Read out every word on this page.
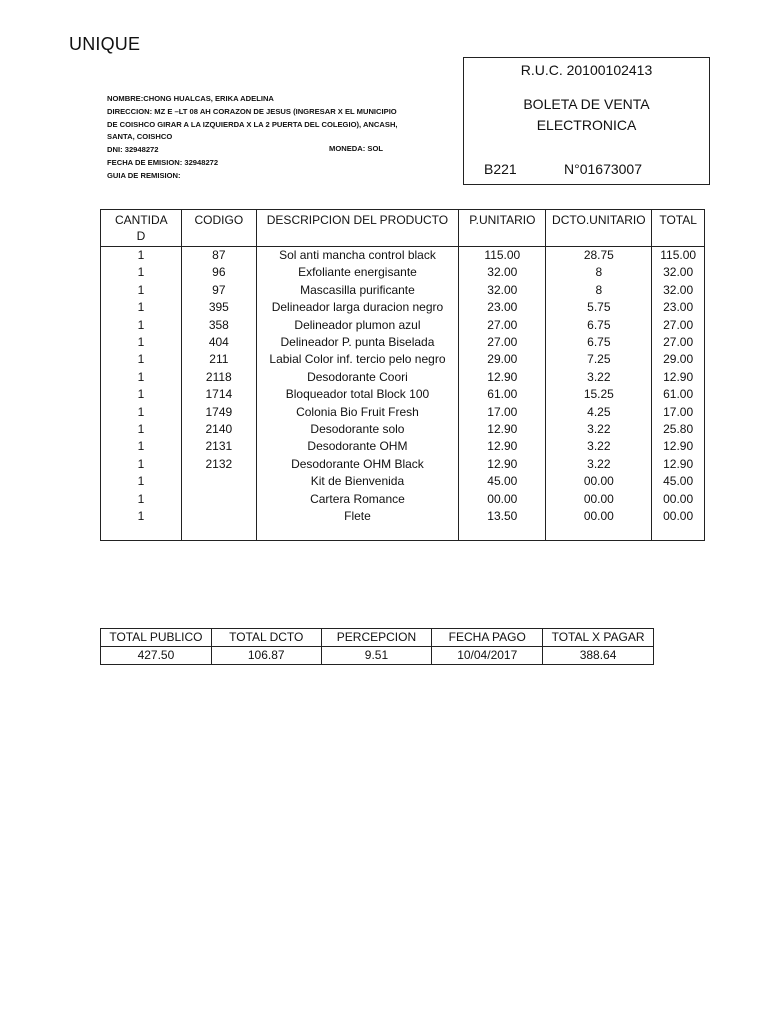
UNIQUE
NOMBRE:CHONG HUALCAS, ERIKA ADELINA
DIRECCION: MZ E –LT 08 AH CORAZON DE JESUS (INGRESAR X EL MUNICIPIO DE COISHCO GIRAR A LA IZQUIERDA X LA 2 PUERTA DEL COLEGIO), ANCASH, SANTA, COISHCO
DNI: 32948272
FECHA DE EMISION: 32948272
GUIA DE REMISION:
MONEDA: SOL
R.U.C. 20100102413
BOLETA DE VENTA
ELECTRONICA
B221	N°01673007
CANTIDA D	CODIGO	DESCRIPCION DEL PRODUCTO	P.UNITARIO	DCTO.UNITARIO	TOTAL
1	87	Sol anti mancha control black	115.00	28.75	115.00
1	96	Exfoliante energisante	32.00	8	32.00
1	97	Mascasilla purificante	32.00	8	32.00
1	395	Delineador larga duracion negro	23.00	5.75	23.00
1	358	Delineador plumon azul	27.00	6.75	27.00
1	404	Delineador P. punta Biselada	27.00	6.75	27.00
1	211	Labial Color inf. tercio pelo negro	29.00	7.25	29.00
1	2118	Desodorante Coori	12.90	3.22	12.90
1	1714	Bloqueador total Block 100	61.00	15.25	61.00
1	1749	Colonia Bio Fruit Fresh	17.00	4.25	17.00
1	2140	Desodorante solo	12.90	3.22	25.80
1	2131	Desodorante OHM	12.90	3.22	12.90
1	2132	Desodorante OHM Black	12.90	3.22	12.90
1		Kit de Bienvenida	45.00	00.00	45.00
1		Cartera Romance	00.00	00.00	00.00
1		Flete	13.50	00.00	00.00

TOTAL PUBLICO	TOTAL DCTO	PERCEPCION	FECHA PAGO	TOTAL X PAGAR
427.50	106.87	9.51	10/04/2017	388.64
